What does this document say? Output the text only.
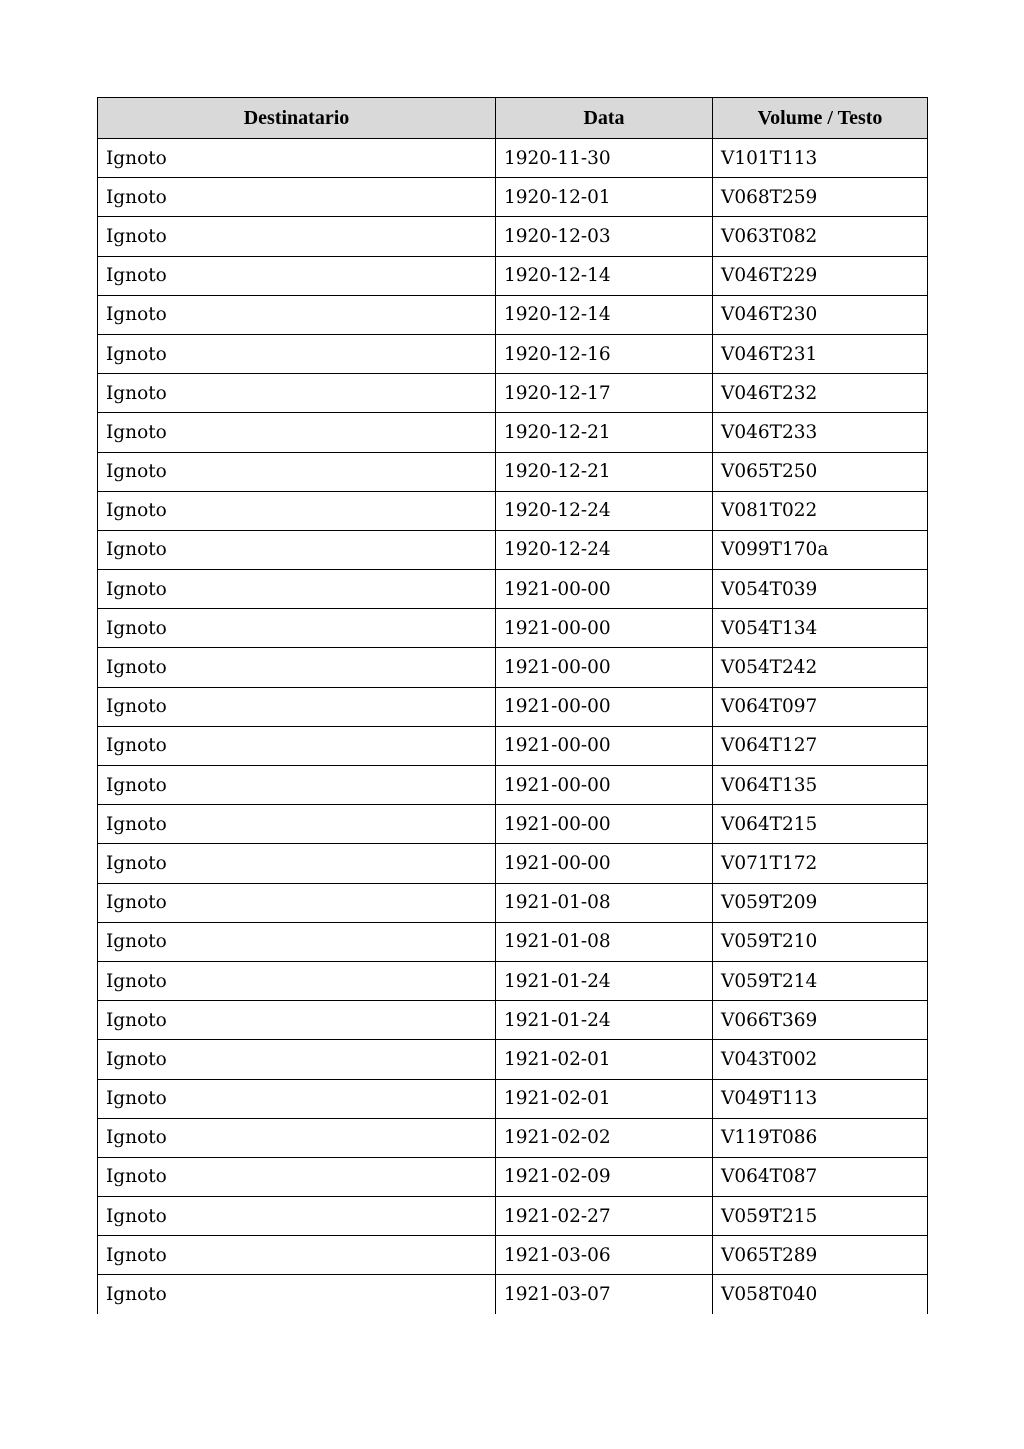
Destinatario	Data	Volume / Testo
Ignoto	1920-11-30	V101T113
Ignoto	1920-12-01	V068T259
Ignoto	1920-12-03	V063T082
Ignoto	1920-12-14	V046T229
Ignoto	1920-12-14	V046T230
Ignoto	1920-12-16	V046T231
Ignoto	1920-12-17	V046T232
Ignoto	1920-12-21	V046T233
Ignoto	1920-12-21	V065T250
Ignoto	1920-12-24	V081T022
Ignoto	1920-12-24	V099T170a
Ignoto	1921-00-00	V054T039
Ignoto	1921-00-00	V054T134
Ignoto	1921-00-00	V054T242
Ignoto	1921-00-00	V064T097
Ignoto	1921-00-00	V064T127
Ignoto	1921-00-00	V064T135
Ignoto	1921-00-00	V064T215
Ignoto	1921-00-00	V071T172
Ignoto	1921-01-08	V059T209
Ignoto	1921-01-08	V059T210
Ignoto	1921-01-24	V059T214
Ignoto	1921-01-24	V066T369
Ignoto	1921-02-01	V043T002
Ignoto	1921-02-01	V049T113
Ignoto	1921-02-02	V119T086
Ignoto	1921-02-09	V064T087
Ignoto	1921-02-27	V059T215
Ignoto	1921-03-06	V065T289
Ignoto	1921-03-07	V058T040
